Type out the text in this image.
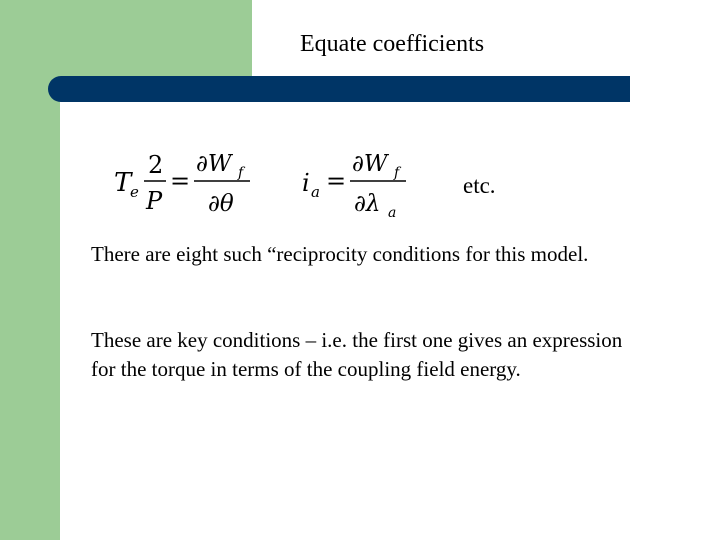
Equate coefficients
T
e
2
P
=
∂W f
∂θ
i a =
∂W f
∂λ a
etc.
There are eight such “reciprocity conditions for this model.
These are key conditions – i.e. the first one gives an expression for the torque in terms of the coupling field energy.
